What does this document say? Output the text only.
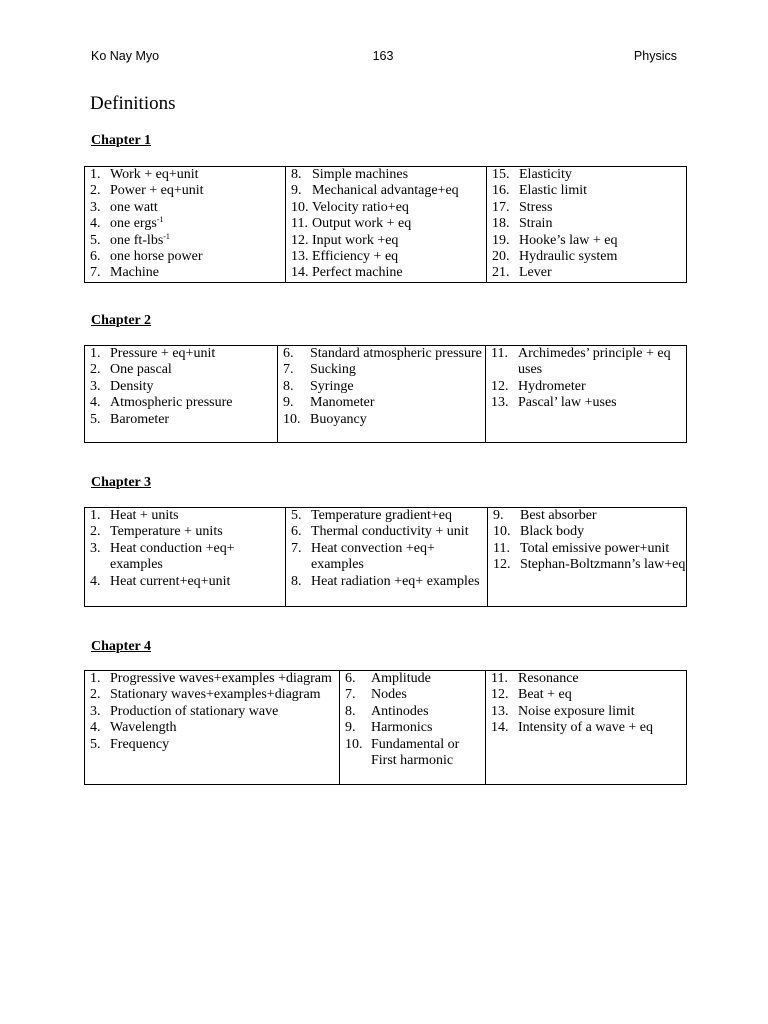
Ko Nay Myo	163	Physics
Definitions
Chapter 1
1. Work + eq+unit
2. Power + eq+unit
3. one watt
4. one ergs$^{-1}$
5. one ft-lbs$^{-1}$
6. one horse power
7. Machine

8. Simple machines
9. Mechanical advantage+eq
10. Velocity ratio+eq
11. Output work + eq
12. Input work +eq
13. Efficiency + eq
14. Perfect machine

15. Elasticity
16. Elastic limit
17. Stress
18. Strain
19. Hooke’s law + eq
20. Hydraulic system
21. Lever
Chapter 2
1. Pressure + eq+unit
2. One pascal
3. Density
4. Atmospheric pressure
5. Barometer

6.	Standard atmospheric pressure
7.	Sucking
8.	Syringe
9.	Manometer
10. Buoyancy

11. Archimedes’ principle + eq uses
12. Hydrometer
13. Pascal’ law +uses
Chapter 3
1. Heat + units
2. Temperature + units
3. Heat conduction +eq+ examples
4. Heat current+eq+unit

5. Temperature gradient+eq
6. Thermal conductivity + unit
7. Heat convection +eq+ examples
8. Heat radiation +eq+ examples

9.	Best absorber
10. Black body
11. Total emissive power+unit
12. Stephan-Boltzmann’s law+eq
Chapter 4
1. Progressive waves+examples +diagram
2. Stationary waves+examples+diagram
3. Production of stationary wave
4. Wavelength
5. Frequency

6.	Amplitude
7.	Nodes
8.	Antinodes
9.	Harmonics
10. Fundamental or First harmonic

11. Resonance
12. Beat + eq
13. Noise exposure limit
14. Intensity of a wave + eq
